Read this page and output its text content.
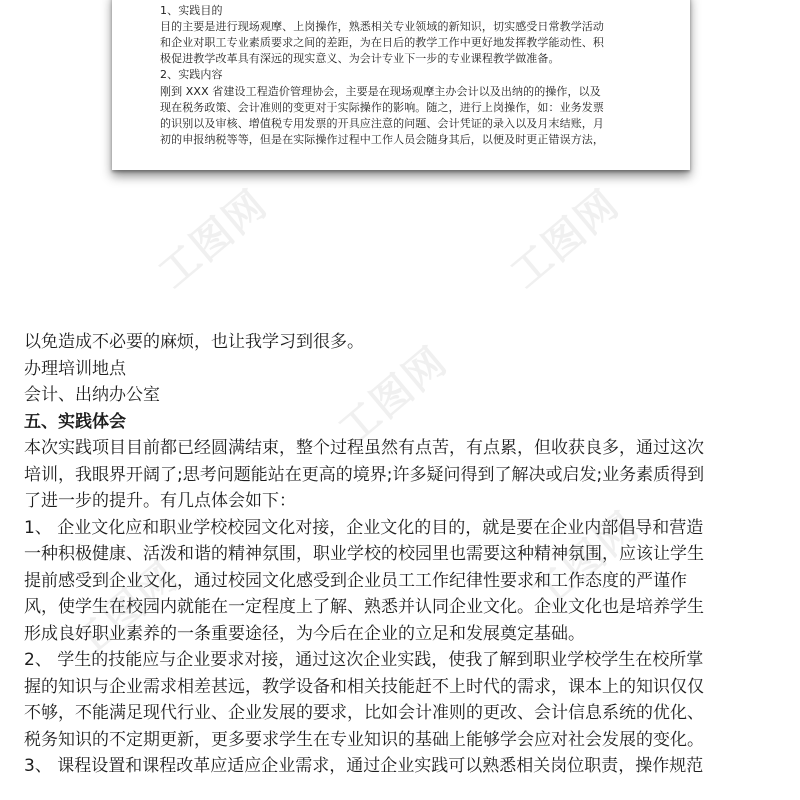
1、实践目的
目的主要是进行现场观摩、上岗操作，熟悉相关专业领域的新知识，切实感受日常教学活动
和企业对职工专业素质要求之间的差距，为在日后的教学工作中更好地发挥教学能动性、积
极促进教学改革具有深远的现实意义、为会计专业下一步的专业课程教学做准备。
2、实践内容
刚到 XXX 省建设工程造价管理协会，主要是在现场观摩主办会计以及出纳的的操作，以及
现在税务政策、会计准则的变更对于实际操作的影响。随之，进行上岗操作，如：业务发票
的识别以及审核、增值税专用发票的开具应注意的问题、会计凭证的录入以及月末结账，月
初的申报纳税等等，但是在实际操作过程中工作人员会随身其后，以便及时更正错误方法，
工图网	工图网
工图网
工图网
工图网
以免造成不必要的麻烦，也让我学习到很多。
办理培训地点
会计、出纳办公室
五、实践体会
本次实践项目目前都已经圆满结束，整个过程虽然有点苦，有点累，但收获良多，通过这次
培训，我眼界开阔了;思考问题能站在更高的境界;许多疑问得到了解决或启发;业务素质得到
了进一步的提升。有几点体会如下：
1、 企业文化应和职业学校校园文化对接，企业文化的目的，就是要在企业内部倡导和营造
一种积极健康、活泼和谐的精神氛围，职业学校的校园里也需要这种精神氛围，应该让学生
提前感受到企业文化，通过校园文化感受到企业员工工作纪律性要求和工作态度的严谨作
风，使学生在校园内就能在一定程度上了解、熟悉并认同企业文化。企业文化也是培养学生
形成良好职业素养的一条重要途径，为今后在企业的立足和发展奠定基础。
2、 学生的技能应与企业要求对接，通过这次企业实践，使我了解到职业学校学生在校所掌
握的知识与企业需求相差甚远，教学设备和相关技能赶不上时代的需求，课本上的知识仅仅
不够，不能满足现代行业、企业发展的要求，比如会计准则的更改、会计信息系统的优化、
税务知识的不定期更新，更多要求学生在专业知识的基础上能够学会应对社会发展的变化。
3、 课程设置和课程改革应适应企业需求，通过企业实践可以熟悉相关岗位职责，操作规范
